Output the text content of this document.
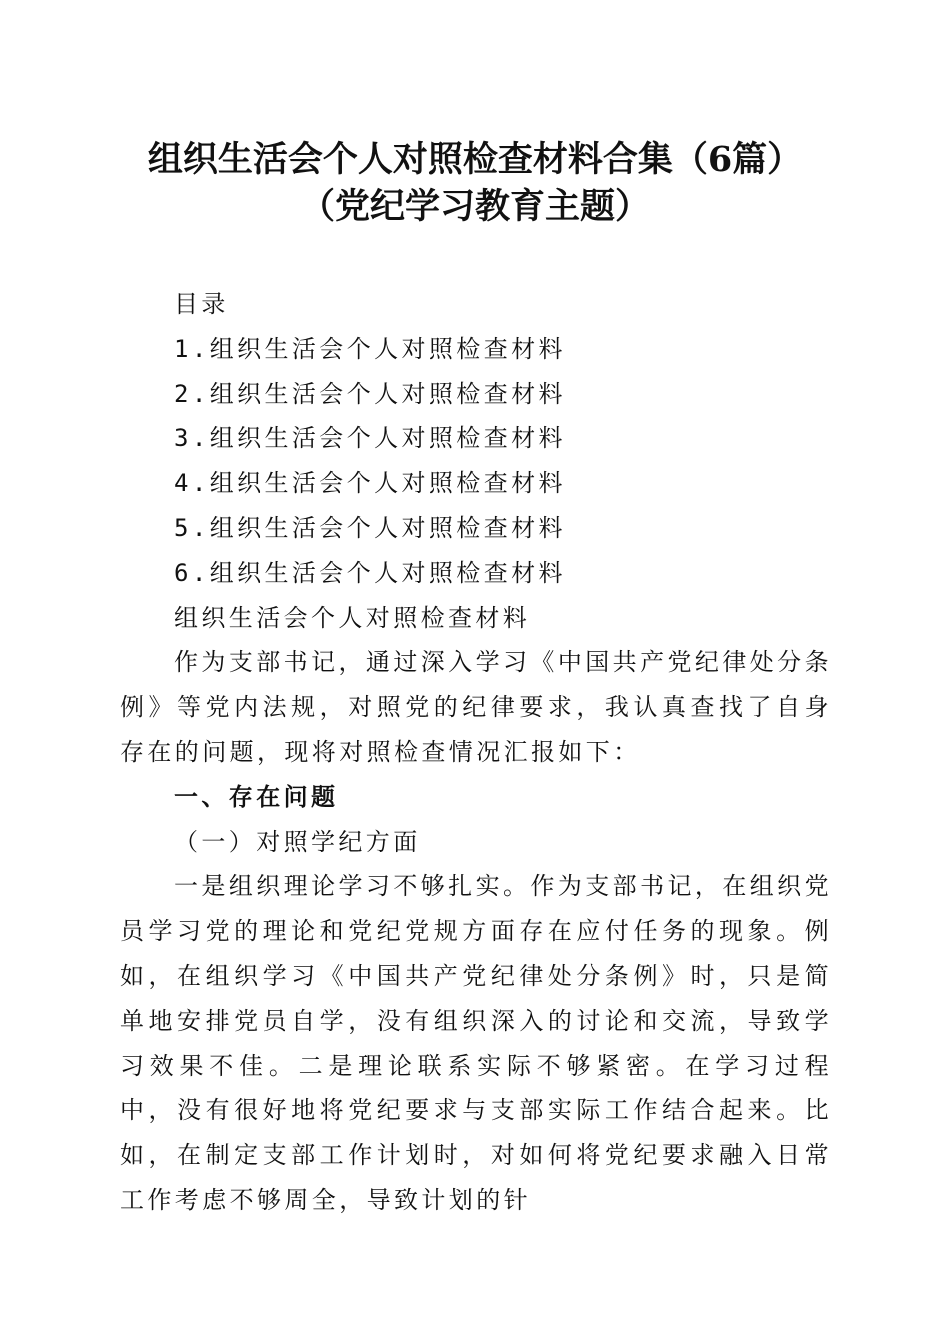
组织生活会个人对照检查材料合集（6篇）
（党纪学习教育主题）

目录

1.组织生活会个人对照检查材料

2.组织生活会个人对照检查材料

3.组织生活会个人对照检查材料

4.组织生活会个人对照检查材料

5.组织生活会个人对照检查材料

6.组织生活会个人对照检查材料

组织生活会个人对照检查材料

作为支部书记，通过深入学习《中国共产党纪律处分条例》等党内法规，对照党的纪律要求，我认真查找了自身存在的问题，现将对照检查情况汇报如下：

一、存在问题

（一）对照学纪方面

一是组织理论学习不够扎实。作为支部书记，在组织党员学习党的理论和党纪党规方面存在应付任务的现象。例如，在组织学习《中国共产党纪律处分条例》时，只是简单地安排党员自学，没有组织深入的讨论和交流，导致学习效果不佳。二是理论联系实际不够紧密。在学习过程中，没有很好地将党纪要求与支部实际工作结合起来。比如，在制定支部工作计划时，对如何将党纪要求融入日常工作考虑不够周全，导致计划的针
